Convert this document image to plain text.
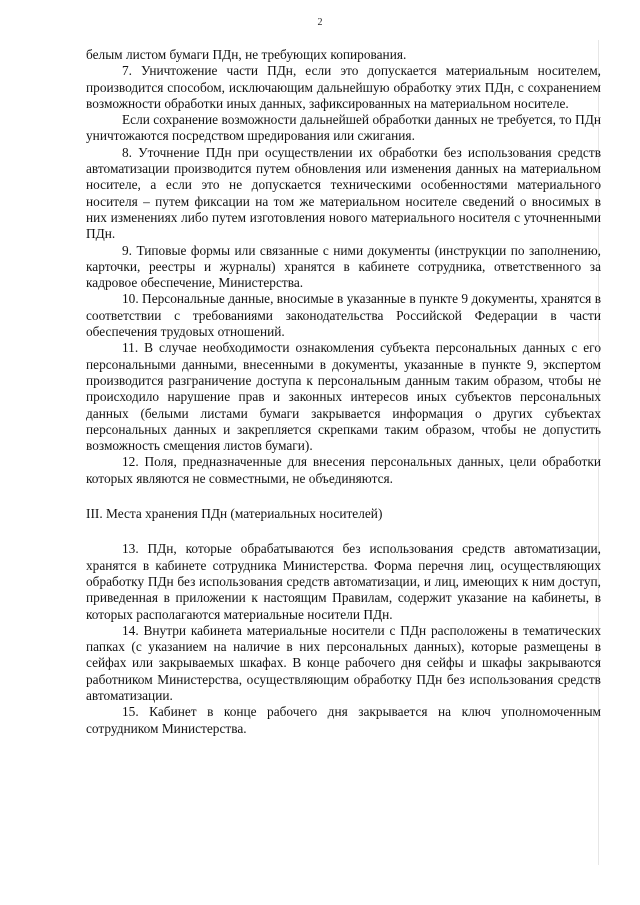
2

белым листом бумаги ПДн, не требующих копирования.

7. Уничтожение части ПДн, если это допускается материальным носителем, производится способом, исключающим дальнейшую обработку этих ПДн, с сохранением возможности обработки иных данных, зафиксированных на материальном носителе.

Если сохранение возможности дальнейшей обработки данных не требуется, то ПДн уничтожаются посредством шредирования или сжигания.

8. Уточнение ПДн при осуществлении их обработки без использования средств автоматизации производится путем обновления или изменения данных на материальном носителе, а если это не допускается техническими особенностями материального носителя – путем фиксации на том же материальном носителе сведений о вносимых в них изменениях либо путем изготовления нового материального носителя с уточненными ПДн.

9. Типовые формы или связанные с ними документы (инструкции по заполнению, карточки, реестры и журналы) хранятся в кабинете сотрудника, ответственного за кадровое обеспечение, Министерства.

10. Персональные данные, вносимые в указанные в пункте 9 документы, хранятся в соответствии с требованиями законодательства Российской Федерации в части обеспечения трудовых отношений.

11. В случае необходимости ознакомления субъекта персональных данных с его персональными данными, внесенными в документы, указанные в пункте 9, экспертом производится разграничение доступа к персональным данным таким образом, чтобы не происходило нарушение прав и законных интересов иных субъектов персональных данных (белыми листами бумаги закрывается информация о других субъектах персональных данных и закрепляется скрепками таким образом, чтобы не допустить возможность смещения листов бумаги).

12. Поля, предназначенные для внесения персональных данных, цели обработки которых являются не совместными, не объединяются.

III. Места хранения ПДн (материальных носителей)

13. ПДн, которые обрабатываются без использования средств автоматизации, хранятся в кабинете сотрудника Министерства. Форма перечня лиц, осуществляющих обработку ПДн без использования средств автоматизации, и лиц, имеющих к ним доступ, приведенная в приложении к настоящим Правилам, содержит указание на кабинеты, в которых располагаются материальные носители ПДн.

14. Внутри кабинета материальные носители с ПДн расположены в тематических папках (с указанием на наличие в них персональных данных), которые размещены в сейфах или закрываемых шкафах. В конце рабочего дня сейфы и шкафы закрываются работником Министерства, осуществляющим обработку ПДн без использования средств автоматизации.

15. Кабинет в конце рабочего дня закрывается на ключ уполномоченным сотрудником Министерства.
